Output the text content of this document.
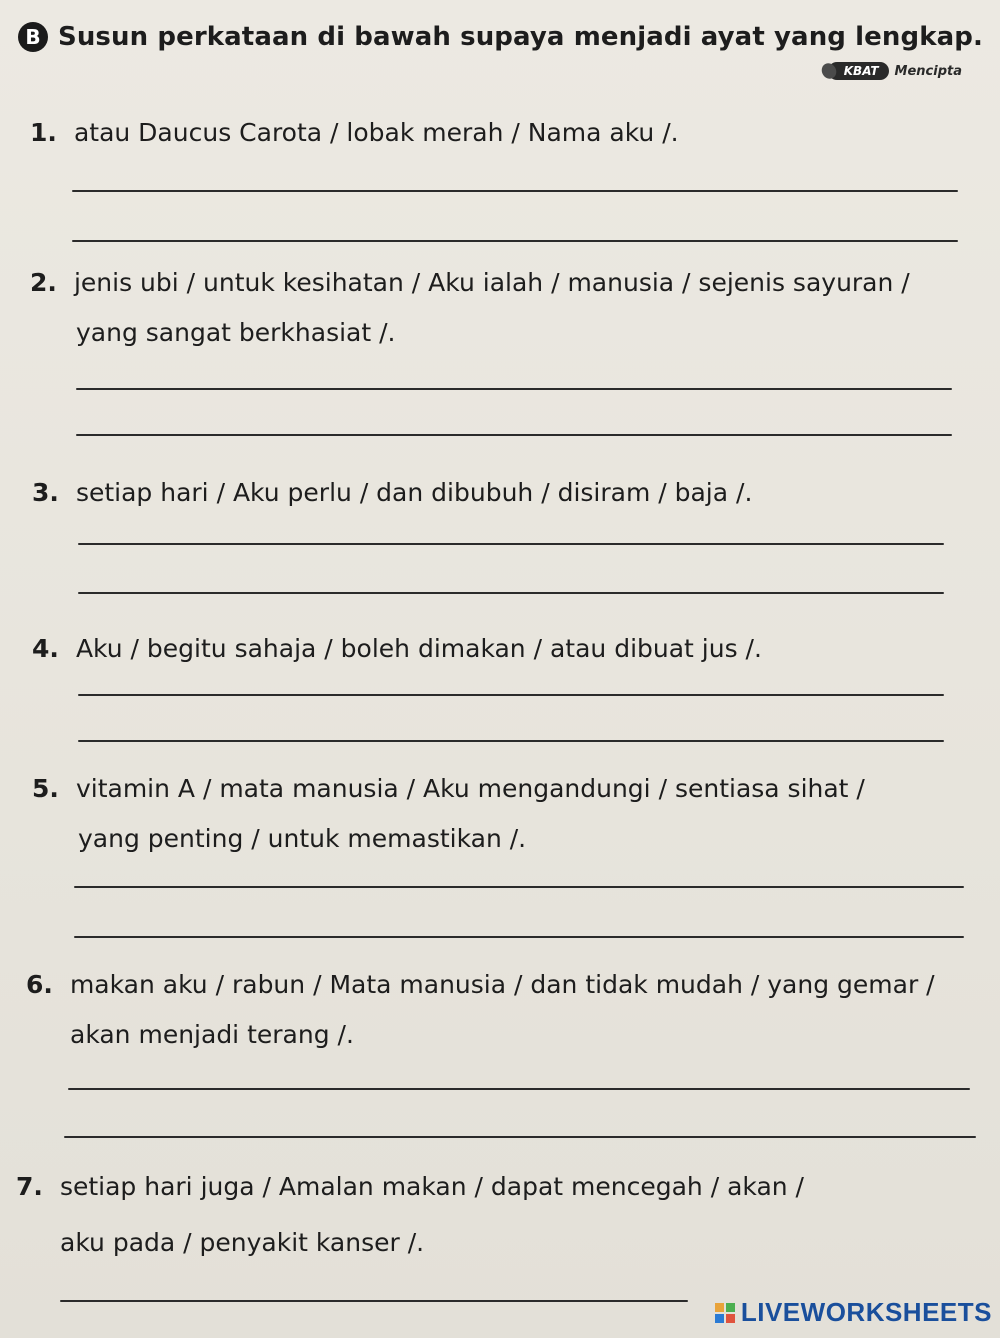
B Susun perkataan di bawah supaya menjadi ayat yang lengkap.
KBAT	Mencipta
1. atau Daucus Carota / lobak merah / Nama aku /.
2. jenis ubi / untuk kesihatan / Aku ialah / manusia / sejenis sayuran /
yang sangat berkhasiat /.
3. setiap hari / Aku perlu / dan dibubuh / disiram / baja /.
4. Aku / begitu sahaja / boleh dimakan / atau dibuat jus /.
5. vitamin A / mata manusia / Aku mengandungi / sentiasa sihat /
yang penting / untuk memastikan /.
6. makan aku / rabun / Mata manusia / dan tidak mudah / yang gemar /
akan menjadi terang /.
7. setiap hari juga / Amalan makan / dapat mencegah / akan /
aku pada / penyakit kanser /.
LIVEWORKSHEETS
